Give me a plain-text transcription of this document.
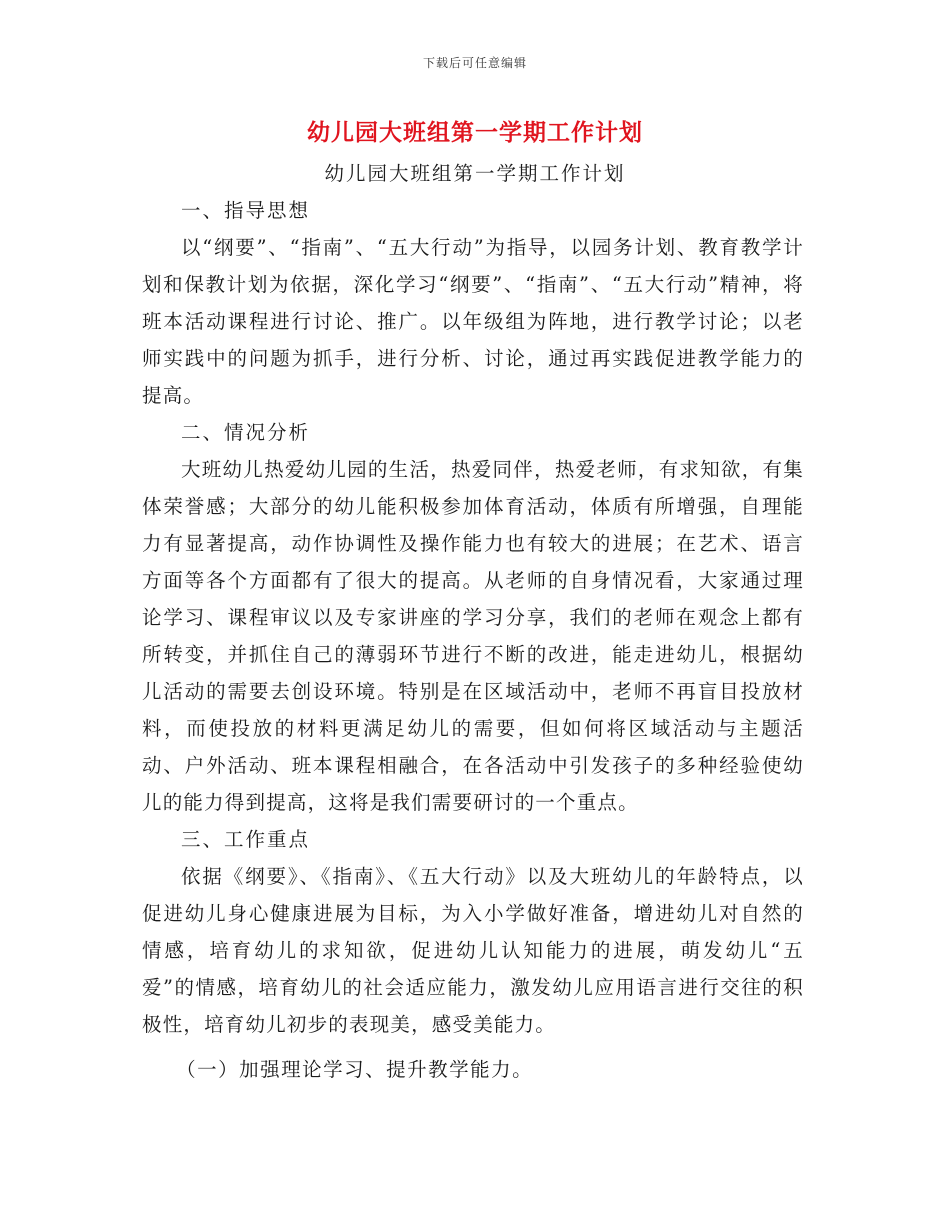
下载后可任意编辑
幼儿园大班组第一学期工作计划

幼儿园大班组第一学期工作计划

一、指导思想

以“纲要”、“指南”、“五大行动”为指导，以园务计划、教育教学计划和保教计划为依据，深化学习“纲要”、“指南”、“五大行动”精神，将班本活动课程进行讨论、推广。以年级组为阵地，进行教学讨论；以老师实践中的问题为抓手，进行分析、讨论，通过再实践促进教学能力的提高。

二、情况分析

大班幼儿热爱幼儿园的生活，热爱同伴，热爱老师，有求知欲，有集体荣誉感；大部分的幼儿能积极参加体育活动，体质有所增强，自理能力有显著提高，动作协调性及操作能力也有较大的进展；在艺术、语言方面等各个方面都有了很大的提高。从老师的自身情况看，大家通过理论学习、课程审议以及专家讲座的学习分享，我们的老师在观念上都有所转变，并抓住自己的薄弱环节进行不断的改进，能走进幼儿，根据幼儿活动的需要去创设环境。特别是在区域活动中，老师不再盲目投放材料，而使投放的材料更满足幼儿的需要，但如何将区域活动与主题活动、户外活动、班本课程相融合，在各活动中引发孩子的多种经验使幼儿的能力得到提高，这将是我们需要研讨的一个重点。

三、工作重点

依据《纲要》、《指南》、《五大行动》以及大班幼儿的年龄特点，以促进幼儿身心健康进展为目标，为入小学做好准备，增进幼儿对自然的情感，培育幼儿的求知欲，促进幼儿认知能力的进展，萌发幼儿“五爱”的情感，培育幼儿的社会适应能力，激发幼儿应用语言进行交往的积极性，培育幼儿初步的表现美，感受美能力。

（一）加强理论学习、提升教学能力。
